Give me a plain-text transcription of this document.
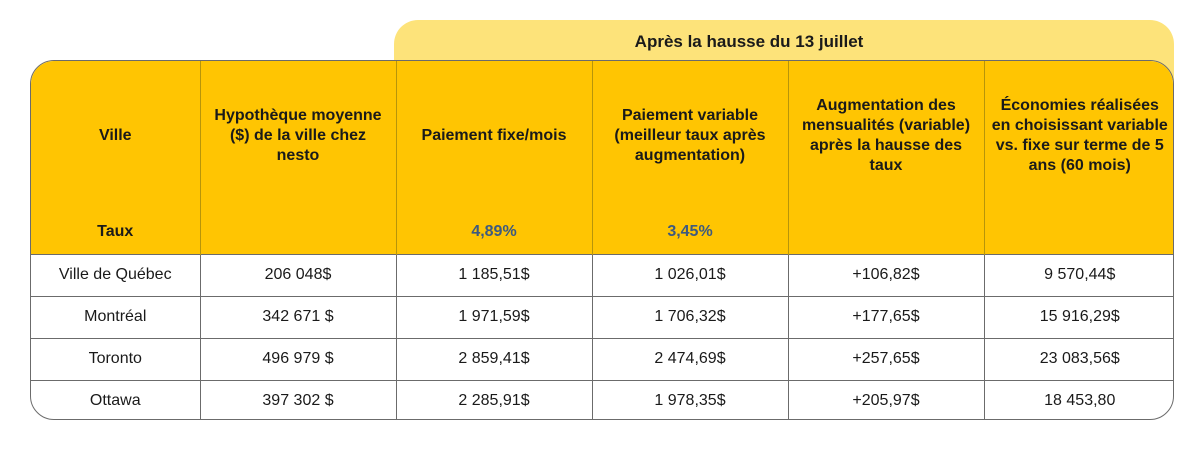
Après la hausse du 13 juillet
Ville	Hypothèque moyenne ($) de la ville chez nesto	Paiement fixe/mois	Paiement variable (meilleur taux après augmentation)	Augmentation des mensualités (variable) après la hausse des taux	Économies réalisées en choisissant variable vs. fixe sur terme de 5 ans (60 mois)
Taux		4,89%	3,45%		
Ville de Québec	206 048$	1 185,51$	1 026,01$	+106,82$	9 570,44$
Montréal	342 671 $	1 971,59$	1 706,32$	+177,65$	15 916,29$
Toronto	496 979 $	2 859,41$	2 474,69$	+257,65$	23 083,56$
Ottawa	397 302 $	2 285,91$	1 978,35$	+205,97$	18 453,80
